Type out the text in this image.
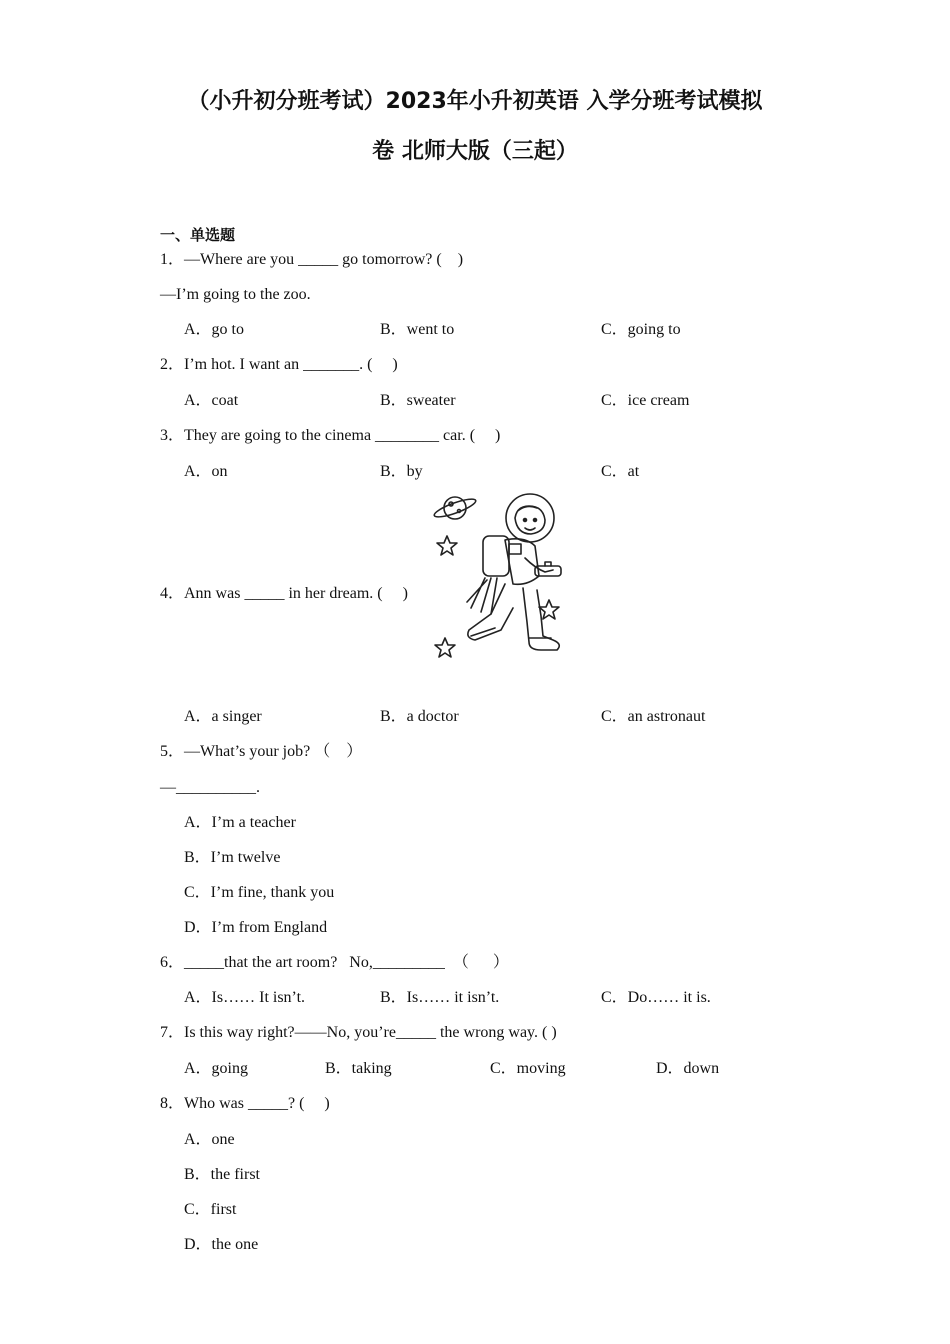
（小升初分班考试）2023年小升初英语 入学分班考试模拟
卷 北师大版（三起）
一、单选题
1．—Where are you _____ go tomorrow? (    )
—I’m going to the zoo.
A．go to	B．went to	C．going to
2．I’m hot. I want an _______. (     )
A．coat	B．sweater	C．ice cream
3．They are going to the cinema ________ car. (     )
A．on	B．by	C．at
4．Ann was _____ in her dream. (     )
A．a singer	B．a doctor	C．an astronaut
5．—What’s your job? （    ）
—__________.
A．I’m a teacher
B．I’m twelve
C．I’m fine, thank you
D．I’m from England
6．_____that the art room?   No,_________  （      ）
A．Is…… It isn’t.	B．Is…… it isn’t.	C．Do…… it is.
7．Is this way right?——No, you’re_____ the wrong way. ( )
A．going	B．taking	C．moving	D．down
8．Who was _____? (     )
A．one
B．the first
C．first
D．the one
